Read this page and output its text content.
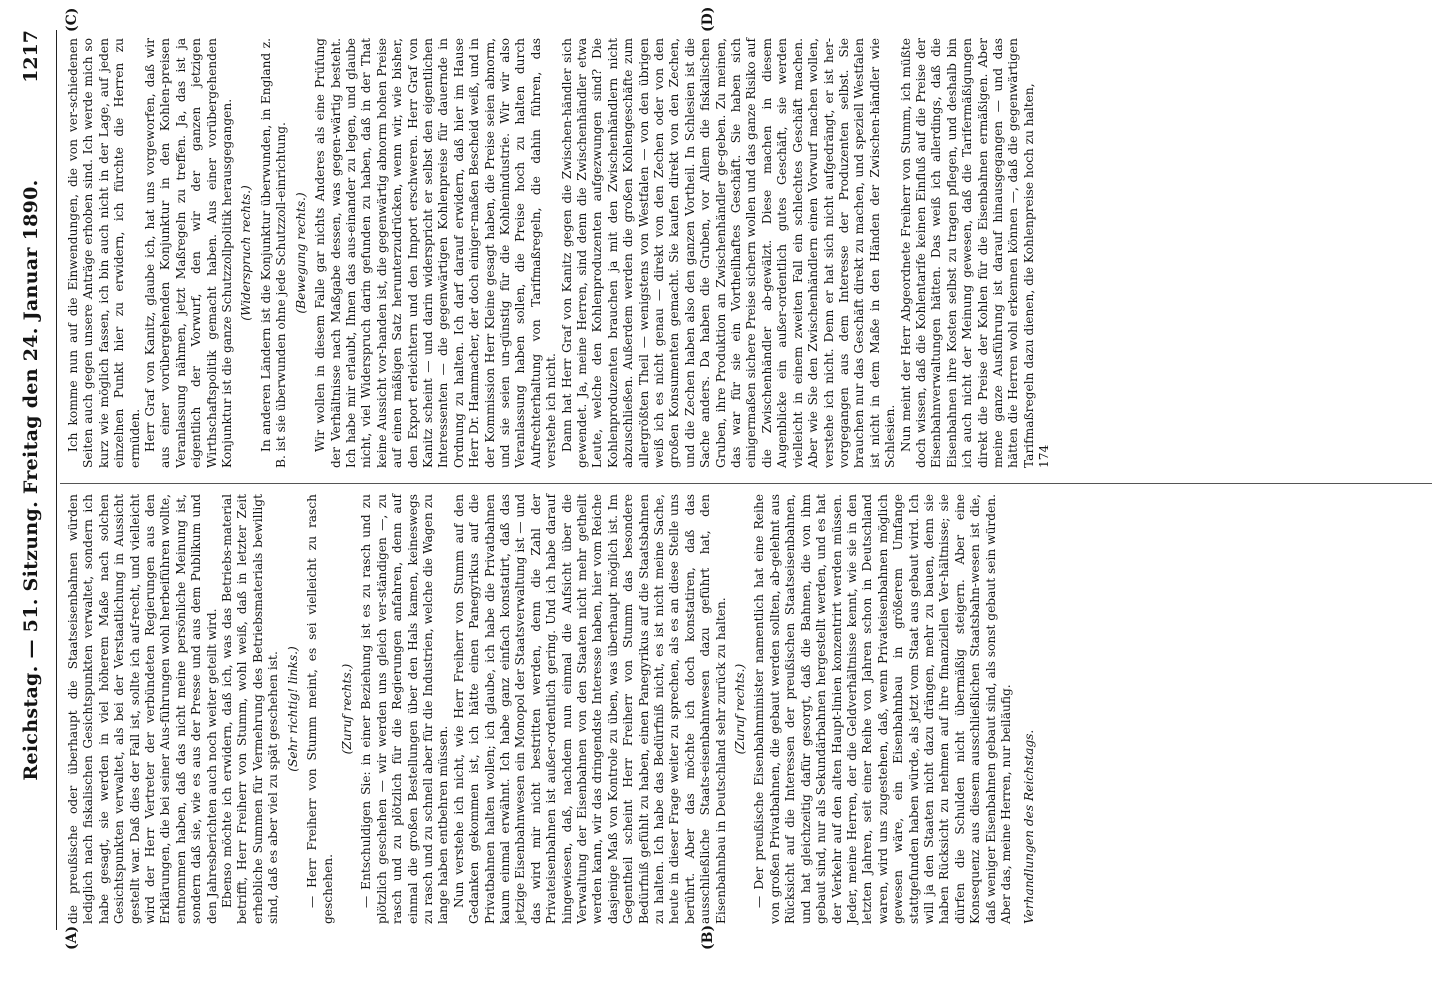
Reichstag. — 51. Sitzung. Freitag den 24. Januar 1890.
1217
(A)	(B)
(C)	(D)

die preußische oder überhaupt die Staatseisenbahnen würden lediglich nach fiskalischen Gesichtspunkten verwaltet, sondern ich habe gesagt, sie werden in viel höherem Maße nach solchen Gesichtspunkten verwaltet, als bei der Verstaatlichung in Aussicht gestellt war. Daß dies der Fall ist, sollte ich auf-recht, und vielleicht wird der Herr Vertreter der verbündeten Regierungen aus den Erklärungen, die bei seiner Aus-führungen wohl herbeiführen wollte, entnommen haben, daß das nicht meine persönliche Meinung ist, sondern daß sie, wie es aus der Presse und aus dem Publikum und den Jahresberichten auch noch weiter geteilt wird. Ebenso möchte ich erwidern, daß ich, was das Betriebs-material betrifft, Herr Freiherr von Stumm, wohl weiß, daß in letzter Zeit erhebliche Summen für Vermehrung des Betriebsmaterials bewilligt sind, daß es aber viel zu spät geschehen ist. (Sehr richtig! links.) — Herr Freiherr von Stumm meint, es sei vielleicht zu rasch geschehen.

(Zuruf rechts.) — Entschuldigen Sie: in einer Beziehung ist es zu rasch und zu plötzlich geschehen — wir werden uns gleich ver-ständigen —, zu rasch und zu plötzlich für die Regierungen anfahren, denn auf einmal die großen Bestellungen über den Hals kamen, keineswegs zu rasch und zu schnell aber für die Industrien, welche die Wagen zu lange haben entbehren müssen. Nun verstehe ich nicht, wie Herr Freiherr von Stumm auf den Gedanken gekommen ist, ich hätte einen Panegyrikus auf die Privatbahnen halten wollen; ich glaube, ich habe die Privatbahnen kaum einmal erwähnt. Ich habe ganz einfach konstatirt, daß das jetzige Eisenbahnwesen ein Monopol der Staatsverwaltung ist — und das wird mir nicht bestritten werden, denn die Zahl der Privateisenbahnen ist außer-ordentlich gering. Und ich habe darauf hingewiesen, daß, nachdem nun einmal die Aufsicht über die Verwaltung der Eisenbahnen von den Staaten nicht mehr getheilt werden kann, wir das dringendste Interesse haben, hier vom Reiche dasjenige Maß von Kontrole zu üben, was überhaupt möglich ist. Im Gegentheil scheint Herr Freiherr von Stumm das besondere Bedürfniß gefühlt zu haben, einen Panegyrikus auf die Staatsbahnen zu halten. Ich habe das Bedürfniß nicht, es ist nicht meine Sache, heute in dieser Frage weiter zu sprechen, als es an diese Stelle uns berührt. Aber das möchte ich doch konstatiren, daß das ausschließliche Staats-eisenbahnwesen dazu geführt hat, den Eisenbahnbau in Deutschland sehr zurück zu halten. (Zuruf rechts.) — Der preußische Eisenbahnminister namentlich hat eine Reihe von großen Privatbahnen, die gebaut werden sollten, ab-gelehnt aus Rücksicht auf die Interessen der preußischen Staatseisenbahnen, und hat gleichzeitig dafür gesorgt, daß die Bahnen, die von ihm gebaut sind, nur als Sekundärbahnen hergestellt werden, und es hat der Verkehr auf den alten Haupt-linien konzentrirt werden müssen. Jeder, meine Herren, der die Geldverhältnisse kennt, wie sie in den letzten Jahren, seit einer Reihe von Jahren schon in Deutschland waren, wird uns zugestehen, daß, wenn Privateisenbahnen möglich gewesen wäre, ein Eisenbahnbau in größerem Umfange stattgefunden haben würde, als jetzt vom Staat aus gebaut wird. Ich will ja den Staaten nicht dazu drängen, mehr zu bauen, denn sie haben Rücksicht zu nehmen auf ihre finanziellen Ver-hältnisse; sie dürfen die Schulden nicht übermäßig steigern. Aber eine Konsequenz aus diesem ausschließlichen Staatsbahn-wesen ist die, daß weniger Eisenbahnen gebaut sind, als sonst gebaut sein würden. Aber das, meine Herren, nur beiläufig. Verhandlungen des Reichstags.

Ich komme nun auf die Einwendungen, die von ver-schiedenen Seiten auch gegen unsere Anträge erhoben sind. Ich werde mich so kurz wie möglich fassen, ich bin auch nicht in der Lage, auf jeden einzelnen Punkt hier zu erwidern, ich fürchte die Herren zu ermüden. Herr Graf von Kanitz, glaube ich, hat uns vorgeworfen, daß wir aus einer vorübergehenden Konjunktur in den Kohlen-preisen Veranlassung nähmen, jetzt Maßregeln zu treffen. Ja, das ist ja eigentlich der Vorwurf, den wir der ganzen jetzigen Wirthschaftspolitik gemacht haben. Aus einer vorübergehenden Konjunktur ist die ganze Schutzzollpolitik herausgegangen. (Widerspruch rechts.) In anderen Ländern ist die Konjunktur überwunden, in England z. B. ist sie überwunden ohne jede Schutzzoll-einrichtung. (Bewegung rechts.) Wir wollen in diesem Falle gar nichts Anderes als eine Prüfung der Verhältnisse nach Maßgabe dessen, was gegen-wärtig besteht. Ich habe mir erlaubt, Ihnen das aus-einander zu legen, und glaube nicht, viel Widerspruch darin gefunden zu haben, daß in der That keine Aussicht vor-handen ist, die gegenwärtig abnorm hohen Preise auf einen mäßigen Satz herunterzudrücken, wenn wir, wie bisher, den Export erleichtern und den Import erschweren. Herr Graf von Kanitz scheint — und darin widerspricht er selbst den eigentlichen Interessenten — die gegenwärtigen Kohlenpreise für dauernde in Ordnung zu halten. Ich darf darauf erwidern, daß hier im Hause Herr Dr. Hammacher, der doch einiger-maßen Bescheid weiß, und in der Kommission Herr Kleine gesagt haben, die Preise seien abnorm, und sie seien un-günstig für die Kohlenindustrie. Wir wir also Veranlassung haben sollen, die Preise hoch zu halten durch Aufrechterhaltung von Tarifmaßregeln, die dahin führen, das verstehe ich nicht. Dann hat Herr Graf von Kanitz gegen die Zwischen-händler sich gewendet. Ja, meine Herren, sind denn die Zwischenhändler etwa Leute, welche den Kohlenproduzenten aufgezwungen sind? Die Kohlenproduzenten brauchen ja mit den Zwischenhändlern nicht abzuschließen. Außerdem werden die großen Kohlengeschäfte zum allergrößten Theil — wenigstens von Westfalen — von den übrigen weiß ich es nicht genau — direkt von den Zechen oder von den großen Konsumenten gemacht. Sie kaufen direkt von den Zechen, und die Zechen haben also den ganzen Vortheil. In Schlesien ist die Sache anders. Da haben die Gruben, vor Allem die fiskalischen Gruben, ihre Produktion an Zwischenhändler ge-geben. Zu meinen, das war für sie ein Vortheilhaftes Geschäft. Sie haben sich einigermaßen sichere Preise sichern wollen und das ganze Risiko auf die Zwischenhändler ab-gewälzt. Diese machen in diesem Augenblicke ein außer-ordentlich gutes Geschäft, sie werden vielleicht in einem zweiten Fall ein schlechtes Geschäft machen. Aber wie Sie den Zwischenhändlern einen Vorwurf machen wollen, verstehe ich nicht. Denn er hat sich nicht aufgedrängt, er ist her-vorgegangen aus dem Interesse der Produzenten selbst. Sie brauchen nur das Geschäft direkt zu machen, und speziell Westfalen ist nicht in dem Maße in den Händen der Zwischen-händler wie Schlesien. Nun meint der Herr Abgeordnete Freiherr von Stumm, ich müßte doch wissen, daß die Kohlentarife keinen Einfluß auf die Preise der Eisenbahnverwaltungen hätten. Das weiß ich allerdings, daß die Eisenbahnen ihre Kosten selbst zu tragen pflegen, und deshalb bin ich auch nicht der Meinung gewesen, daß die Tarifermäßigungen direkt die Preise der Kohlen für die Eisenbahnen ermäßigen. Aber meine ganze Ausführung ist darauf hinausgegangen — und das hätten die Herren wohl erkennen können —, daß die gegenwärtigen Tarifmaßregeln dazu dienen, die Kohlenpreise hoch zu halten, 174
